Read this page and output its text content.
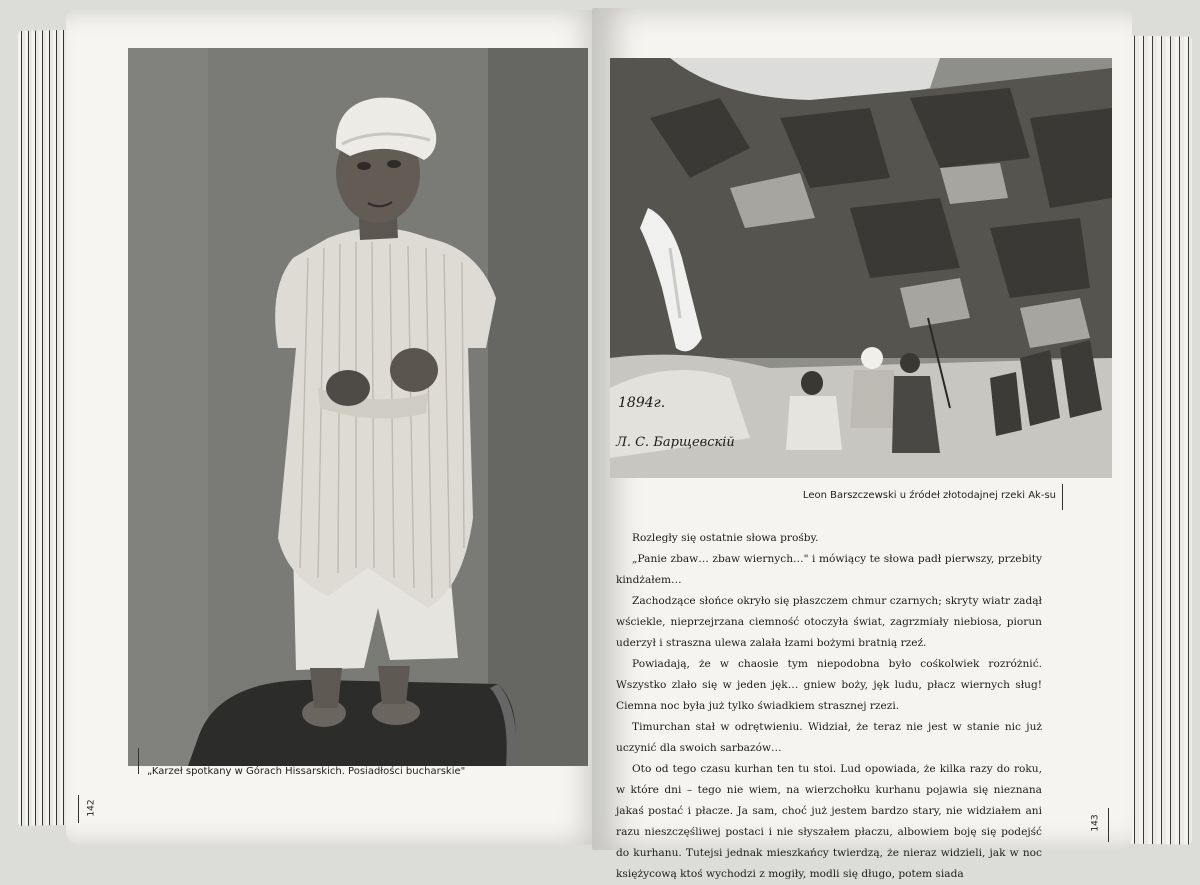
„Karzeł spotkany w Górach Hissarskich. Posiadłości bucharskie"
1894г.
Л. С. Барщевскiй
Leon Barszczewski u źródeł złotodajnej rzeki Ak-su

Rozległy się ostatnie słowa prośby.

„Panie zbaw… zbaw wiernych…" i mówiący te słowa padł pierwszy, przebity kindżałem…

Zachodzące słońce okryło się płaszczem chmur czarnych; skryty wiatr zadął wściekle, nieprzejrzana ciemność otoczyła świat, zagrzmiały niebiosa, piorun uderzył i straszna ulewa zalała łzami bożymi bratnią rzeź.

Powiadają, że w chaosie tym niepodobna było cośkolwiek rozróżnić. Wszystko zlało się w jeden jęk… gniew boży, jęk ludu, płacz wiernych sług! Ciemna noc była już tylko świadkiem strasznej rzezi.

Timurchan stał w odrętwieniu. Widział, że teraz nie jest w stanie nic już uczynić dla swoich sarbazów…

Oto od tego czasu kurhan ten tu stoi. Lud opowiada, że kilka razy do roku, w które dni – tego nie wiem, na wierzchołku kurhanu pojawia się nieznana jakaś postać i płacze. Ja sam, choć już jestem bardzo stary, nie widziałem ani razu nieszczęśliwej postaci i nie słyszałem płaczu, albowiem boję się podejść do kurhanu. Tutejsi jednak mieszkańcy twierdzą, że nieraz widzieli, jak w noc księżycową ktoś wychodzi z mogiły, modli się długo, potem siada

142
143
